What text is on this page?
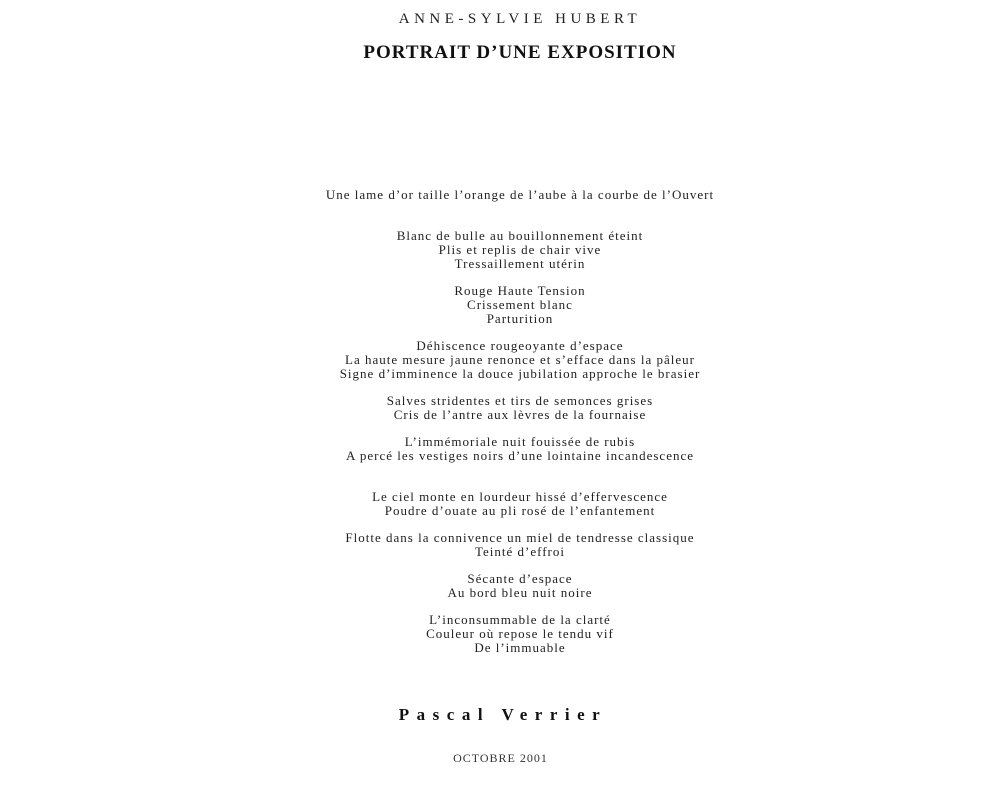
ANNE-SYLVIE HUBERT
PORTRAIT D’UNE EXPOSITION
Une lame d’or taille l’orange de l’aube à la courbe de l’Ouvert
Blanc de bulle au bouillonnement éteint
Plis et replis de chair vive
Tressaillement utérin
Rouge Haute Tension
Crissement blanc
Parturition
Déhiscence rougeoyante d’espace
La haute mesure jaune renonce et s’efface dans la pâleur
Signe d’imminence la douce jubilation approche le brasier
Salves stridentes et tirs de semonces grises
Cris de l’antre aux lèvres de la fournaise
L’immémoriale nuit fouissée de rubis
A percé les vestiges noirs d’une lointaine incandescence
Le ciel monte en lourdeur hissé d’effervescence
Poudre d’ouate au pli rosé de l’enfantement
Flotte dans la connivence un miel de tendresse classique
Teinté d’effroi
Sécante d’espace
Au bord bleu nuit noire
L’inconsummable de la clarté
Couleur où repose le tendu vif
De l’immuable
Pascal Verrier
OCTOBRE 2001
